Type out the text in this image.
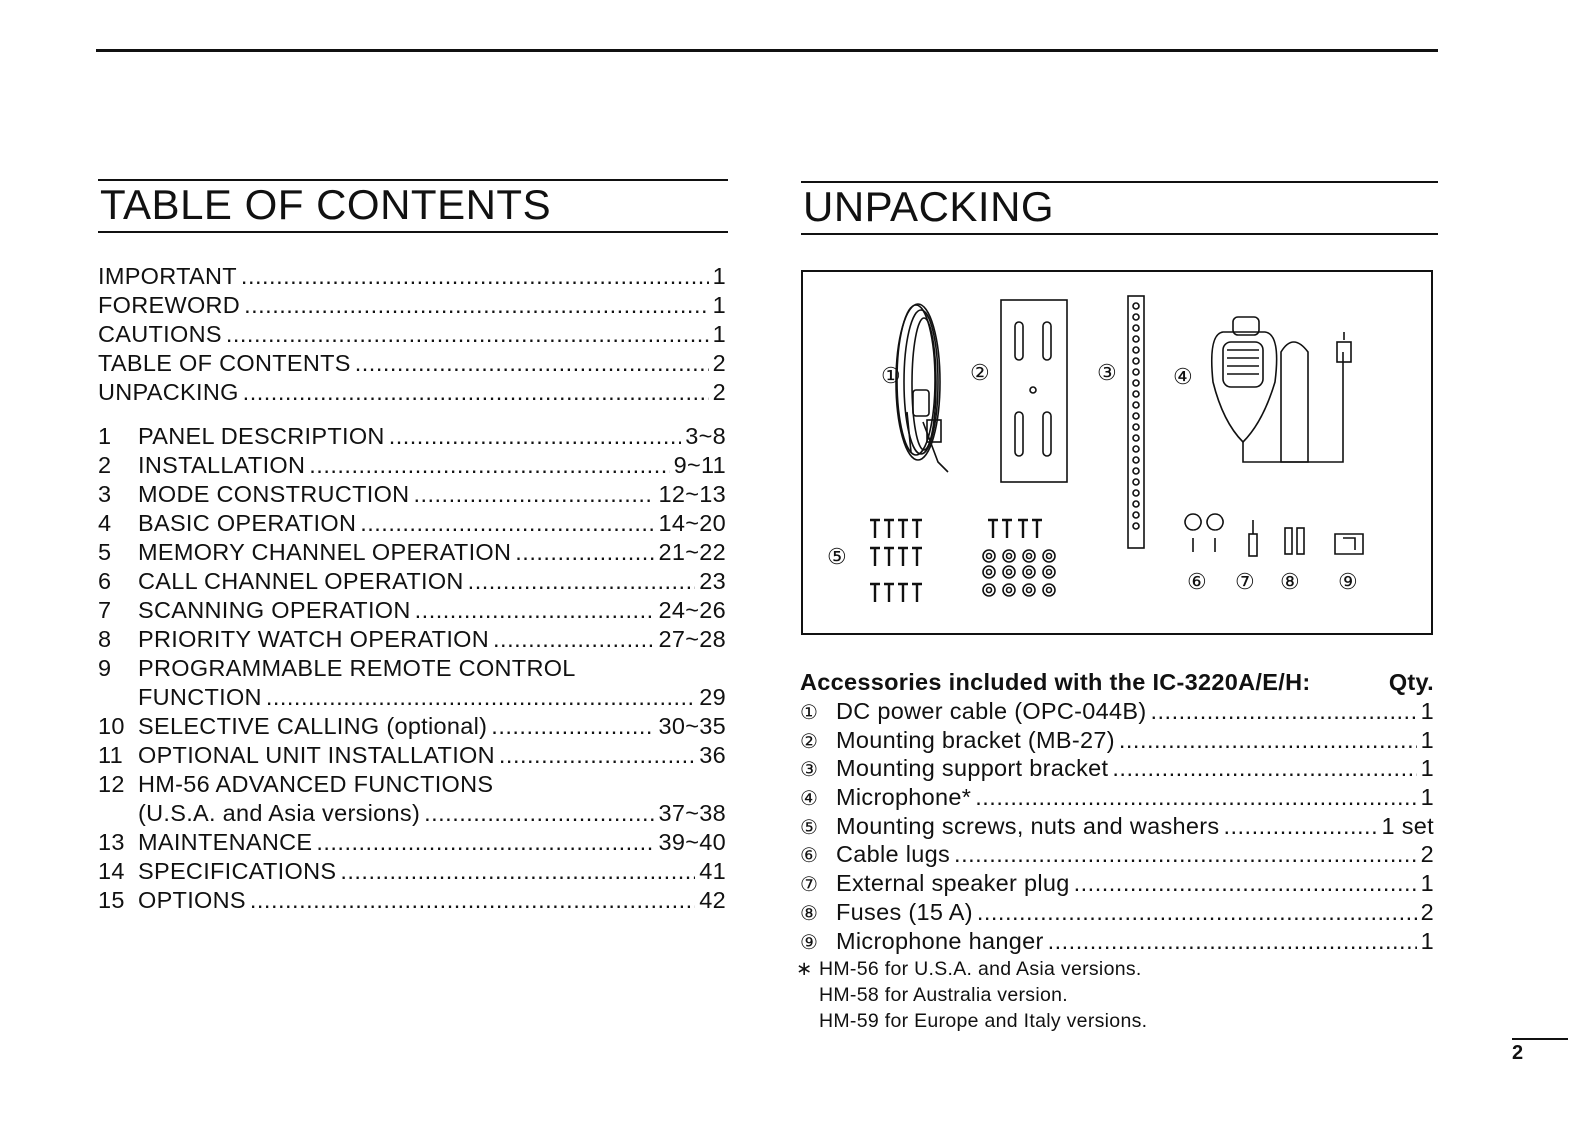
TABLE OF CONTENTS
IMPORTANT .....	1
FOREWORD .....	1
CAUTIONS .....	1
TABLE OF CONTENTS .....	2
UNPACKING .....	2
1	PANEL DESCRIPTION .....	3~8
2	INSTALLATION .....	9~11
3	MODE CONSTRUCTION .....	12~13
4	BASIC OPERATION .....	14~20
5	MEMORY CHANNEL OPERATION .....	21~22
6	CALL CHANNEL OPERATION .....	23
7	SCANNING OPERATION .....	24~26
8	PRIORITY WATCH OPERATION .....	27~28
9	PROGRAMMABLE REMOTE CONTROL
FUNCTION .....	29
10 SELECTIVE CALLING (optional) .....	30~35
11 OPTIONAL UNIT INSTALLATION .....	36
12 HM-56 ADVANCED FUNCTIONS
(U.S.A. and Asia versions) .....	37~38
13 MAINTENANCE .....	39~40
14 SPECIFICATIONS .....	41
15 OPTIONS .....	42
UNPACKING
①	②	③	④
⑤
⑥ ⑦ ⑧ ⑨
Accessories included with the IC-3220A/E/H:	Qty.
① DC power cable (OPC-044B) .....	1
② Mounting bracket (MB-27) .....	1
③ Mounting support bracket .....	1
④ Microphone* .....	1
⑤ Mounting screws, nuts and washers .....	1 set
⑥ Cable lugs .....	2
⑦ External speaker plug .....	1
⑧ Fuses (15 A) .....	2
⑨ Microphone hanger .....	1
∗ HM-56 for U.S.A. and Asia versions.
HM-58 for Australia version.
HM-59 for Europe and Italy versions.
2
